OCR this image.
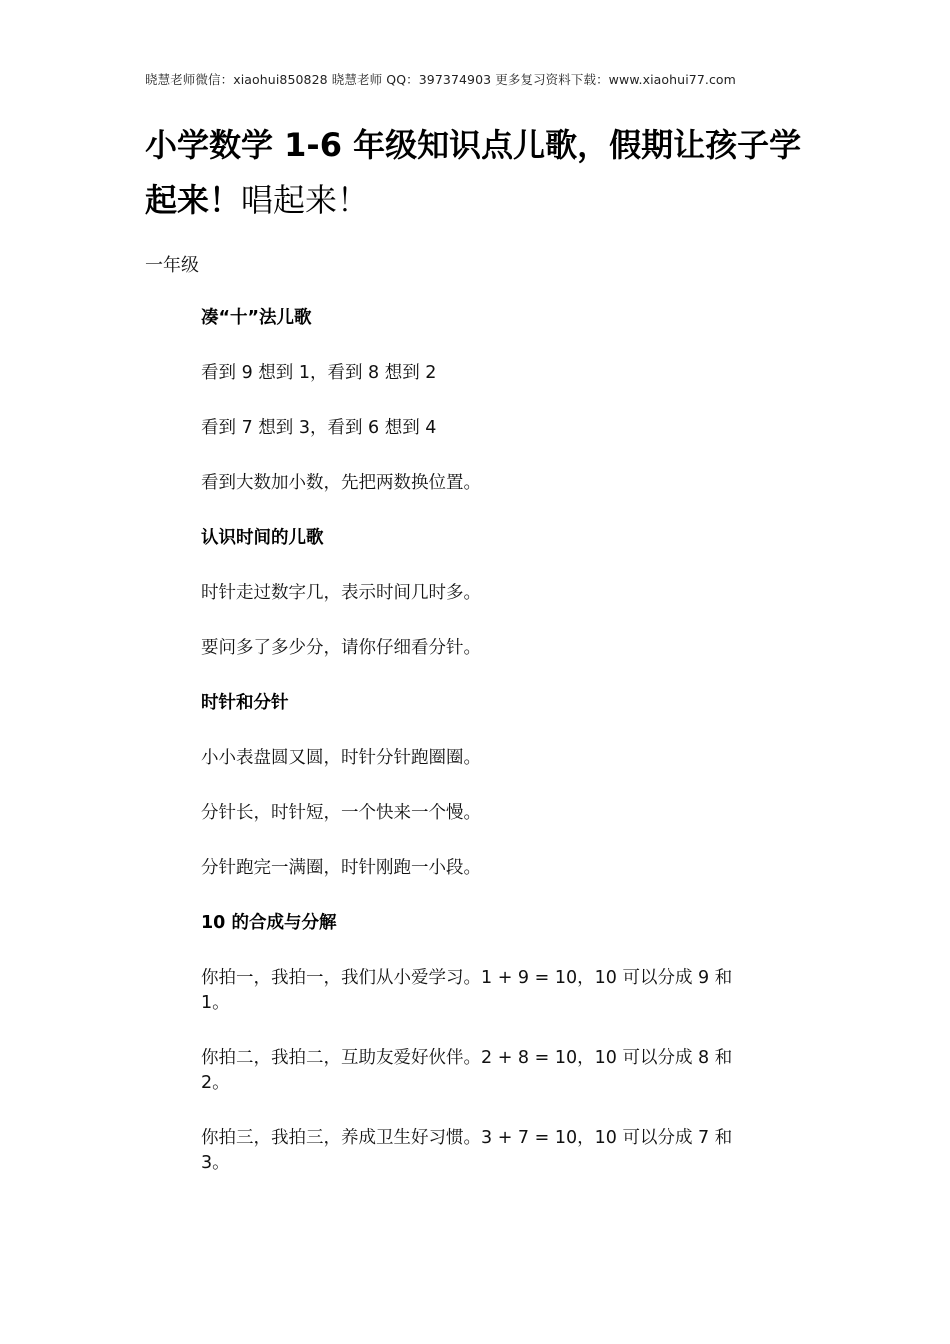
晓慧老师微信：xiaohui850828 晓慧老师 QQ：397374903 更多复习资料下载：www.xiaohui77.com
小学数学 1-6 年级知识点儿歌，假期让孩子学起来！唱起来！
一年级
凑“十”法儿歌
看到 9 想到 1，看到 8 想到 2
看到 7 想到 3，看到 6 想到 4
看到大数加小数，先把两数换位置。
认识时间的儿歌
时针走过数字几，表示时间几时多。
要问多了多少分，请你仔细看分针。
时针和分针
小小表盘圆又圆，时针分针跑圈圈。
分针长，时针短，一个快来一个慢。
分针跑完一满圈，时针刚跑一小段。
10 的合成与分解
你拍一，我拍一，我们从小爱学习。1 + 9 = 10，10 可以分成 9 和 1。
你拍二，我拍二，互助友爱好伙伴。2 + 8 = 10，10 可以分成 8 和 2。
你拍三，我拍三，养成卫生好习惯。3 + 7 = 10，10 可以分成 7 和 3。
